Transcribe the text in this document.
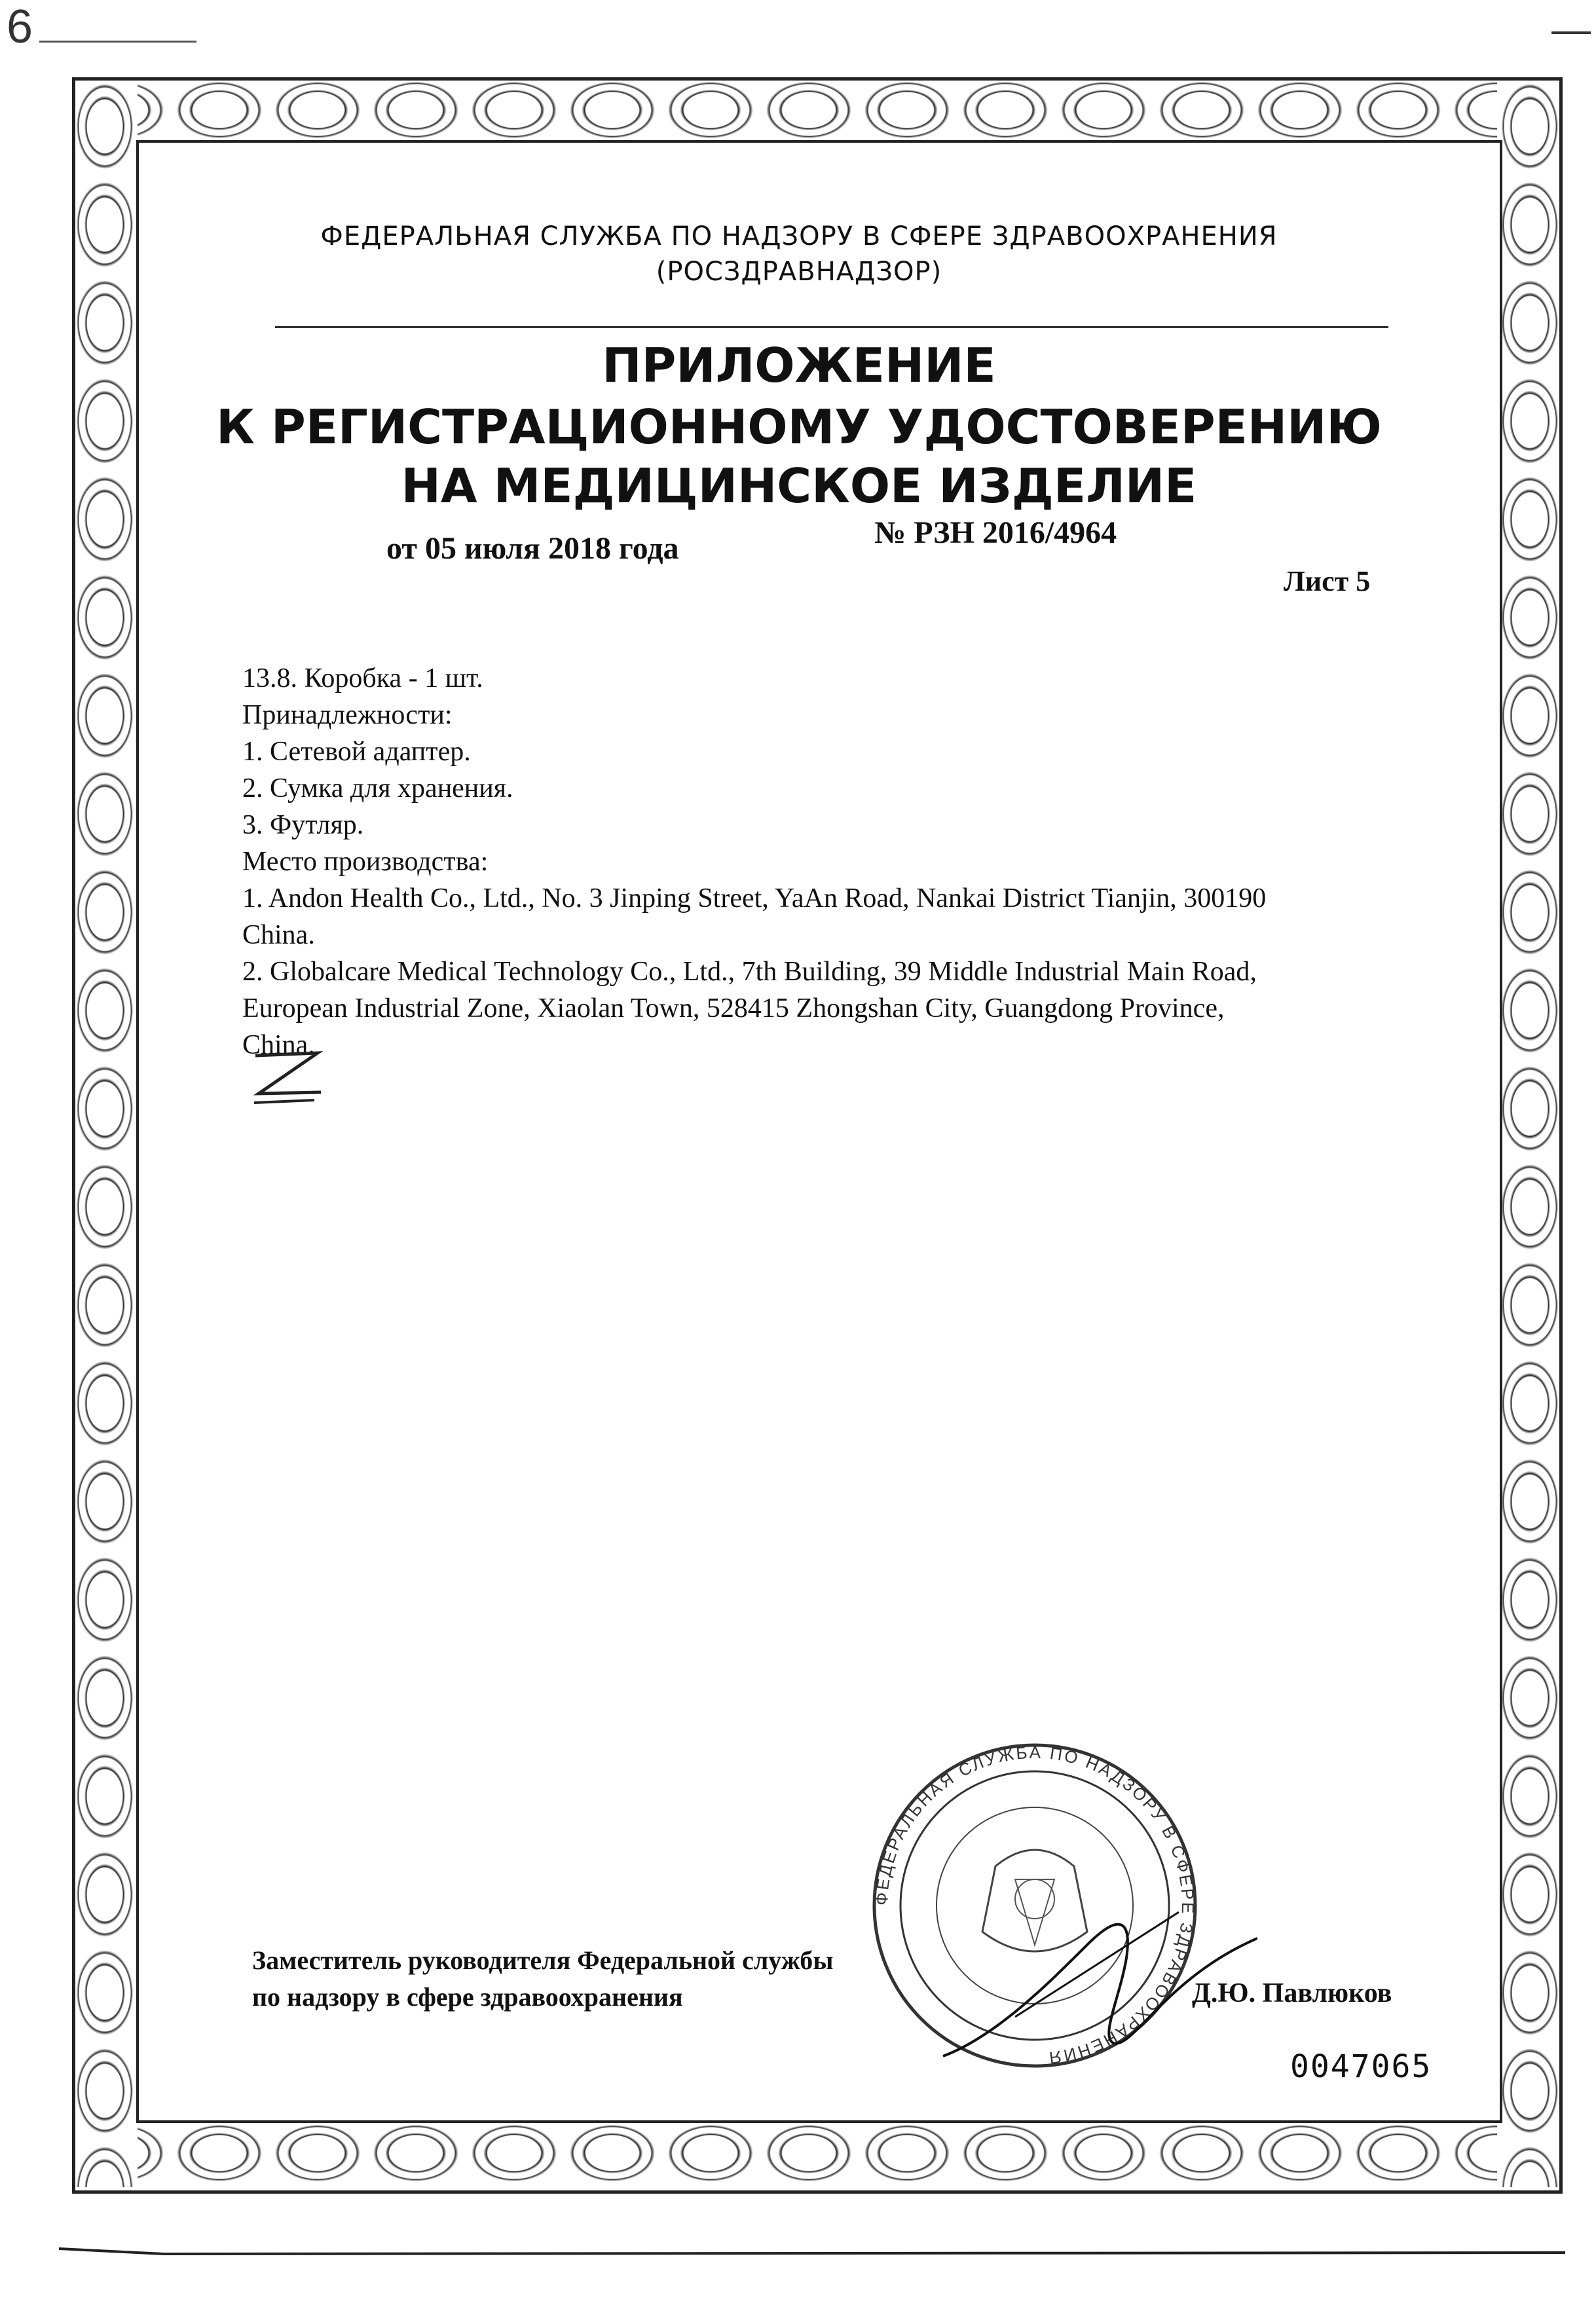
6
ФЕДЕРАЛЬНАЯ СЛУЖБА ПО НАДЗОРУ В СФЕРЕ ЗДРАВООХРАНЕНИЯ
(РОСЗДРАВНАДЗОР)
ПРИЛОЖЕНИЕ
К РЕГИСТРАЦИОННОМУ УДОСТОВЕРЕНИЮ
НА МЕДИЦИНСКОЕ ИЗДЕЛИЕ
от 05 июля 2018 года	№ РЗН 2016/4964
Лист 5
13.8. Коробка - 1 шт.
Принадлежности:
1. Сетевой адаптер.
2. Сумка для хранения.
3. Футляр.
Место производства:
1. Andon Health Co., Ltd., No. 3 Jinping Street, YaAn Road, Nankai District Tianjin, 300190
China.
2. Globalcare Medical Technology Co., Ltd., 7th Building, 39 Middle Industrial Main Road,
European Industrial Zone, Xiaolan Town, 528415 Zhongshan City, Guangdong Province,
China.
ФЕДЕРАЛЬНАЯ СЛУЖБА ПО НАДЗОРУ В СФЕРЕ ЗДРАВООХРАНЕНИЯ
Заместитель руководителя Федеральной службы
по надзору в сфере здравоохранения	Д.Ю. Павлюков
0047065
